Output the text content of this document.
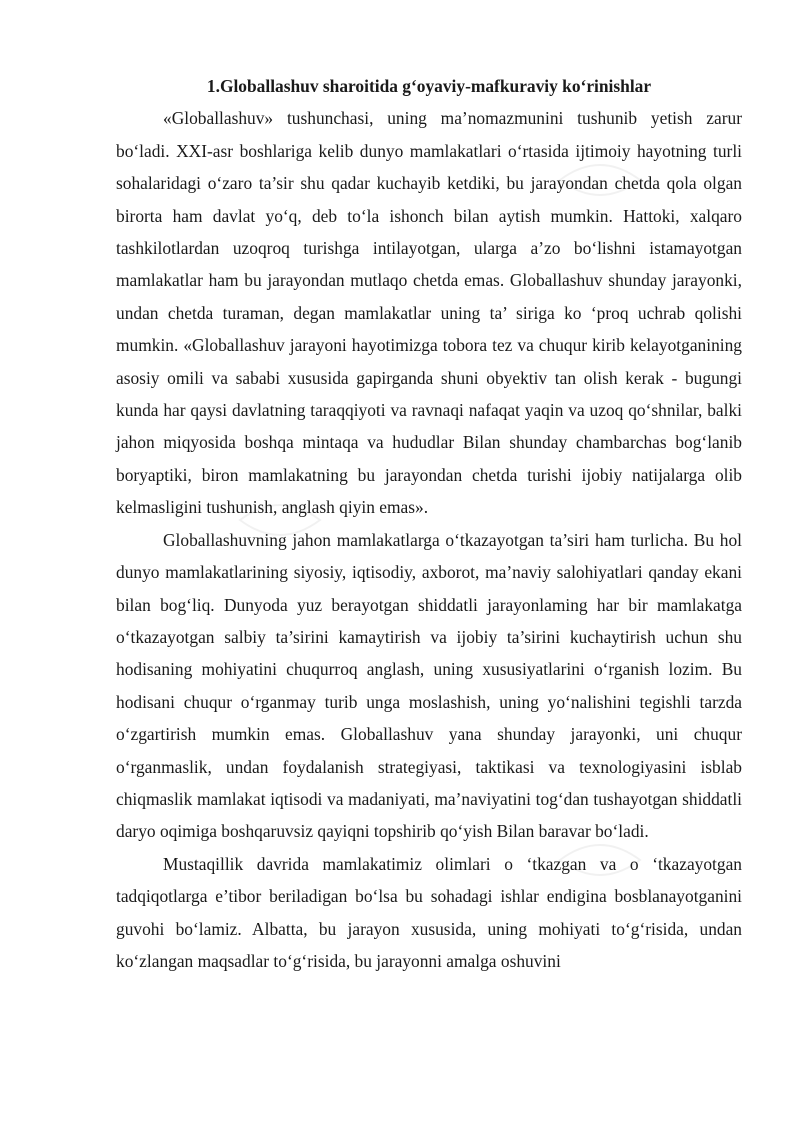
1.Globallashuv sharoitida g‘oyaviy-mafkuraviy ko‘rinishlar

«Globallashuv» tushunchasi, uning ma’nomazmunini tushunib yetish zarur bo‘ladi. XXI-asr boshlariga kelib dunyo mamlakatlari o‘rtasida ijtimoiy hayotning turli sohalaridagi o‘zaro ta’sir shu qadar kuchayib ketdiki, bu jarayondan chetda qola olgan birorta ham davlat yo‘q, deb to‘la ishonch bilan aytish mumkin. Hattoki, xalqaro tashkilotlardan uzoqroq turishga intilayotgan, ularga a’zo bo‘lishni istamayotgan mamlakatlar ham bu jarayondan mutlaqo chetda emas. Globallashuv shunday jarayonki, undan chetda turaman, degan mamlakatlar uning ta’ siriga ko ‘proq uchrab qolishi mumkin. «Globallashuv jarayoni hayotimizga tobora tez va chuqur kirib kelayotganining asosiy omili va sababi xususida gapirganda shuni obyektiv tan olish kerak - bugungi kunda har qaysi davlatning taraqqiyoti va ravnaqi nafaqat yaqin va uzoq qo‘shnilar, balki jahon miqyosida boshqa mintaqa va hududlar Bilan shunday chambarchas bog‘lanib boryaptiki, biron mamlakatning bu jarayondan chetda turishi ijobiy natijalarga olib kelmasligini tushunish, anglash qiyin emas».

Globallashuvning jahon mamlakatlarga o‘tkazayotgan ta’siri ham turlicha. Bu hol dunyo mamlakatlarining siyosiy, iqtisodiy, axborot, ma’naviy salohiyatlari qanday ekani bilan bog‘liq. Dunyoda yuz berayotgan shiddatli jarayonlaming har bir mamlakatga o‘tkazayotgan salbiy ta’sirini kamaytirish va ijobiy ta’sirini kuchaytirish uchun shu hodisaning mohiyatini chuqurroq anglash, uning xususiyatlarini o‘rganish lozim. Bu hodisani chuqur o‘rganmay turib unga moslashish, uning yo‘nalishini tegishli tarzda o‘zgartirish mumkin emas. Globallashuv yana shunday jarayonki, uni chuqur o‘rganmaslik, undan foydalanish strategiyasi, taktikasi va texnologiyasini isblab chiqmaslik mamlakat iqtisodi va madaniyati, ma’naviyatini tog‘dan tushayotgan shiddatli daryo oqimiga boshqaruvsiz qayiqni topshirib qo‘yish Bilan baravar bo‘ladi.

Mustaqillik davrida mamlakatimiz olimlari o ‘tkazgan va o ‘tkazayotgan tadqiqotlarga e’tibor beriladigan bo‘lsa bu sohadagi ishlar endigina bosblanayotganini guvohi bo‘lamiz. Albatta, bu jarayon xususida, uning mohiyati to‘g‘risida, undan ko‘zlangan maqsadlar to‘g‘risida, bu jarayonni amalga oshuvini
